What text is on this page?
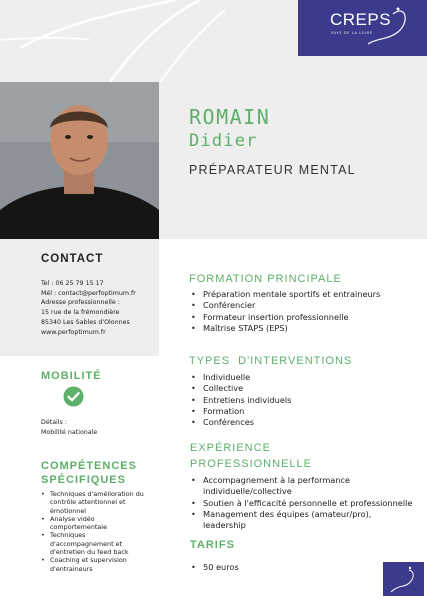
CREPS
PAYS DE LA LOIRE
ROMAIN
Didier
PRÉPARATEUR MENTAL
CONTACT
Tel : 06 25 79 15 17
Mél : contact@perfoptimum.fr
Adresse professionnelle :
15 rue de la frémondière
85340 Les Sables d'Olonnes
www.perfoptimum.fr
MOBILITÉ
Détails :
Mobilité nationale
COMPÉTENCES
SPÉCIFIQUES
• Techniques d'amélioration du contrôle attentionnel et émotionnel
• Analyse vidéo comportementale
• Techniques d'accompagnement et d'entretien du feed back
• Coaching et supervision d'entraineurs
FORMATION PRINCIPALE
• Préparation mentale sportifs et entraineurs
• Conférencier
• Formateur insertion professionnelle
• Maîtrise STAPS (EPS)
TYPES  D'INTERVENTIONS
• Individuelle
• Collective
• Entretiens individuels
• Formation
• Conférences
EXPÉRIENCE
PROFESSIONNELLE
• Accompagnement à la performance individuelle/collective
• Soutien à l'efficacité personnelle et professionnelle
• Management des équipes (amateur/pro), leadership
TARIFS
• 50 euros
